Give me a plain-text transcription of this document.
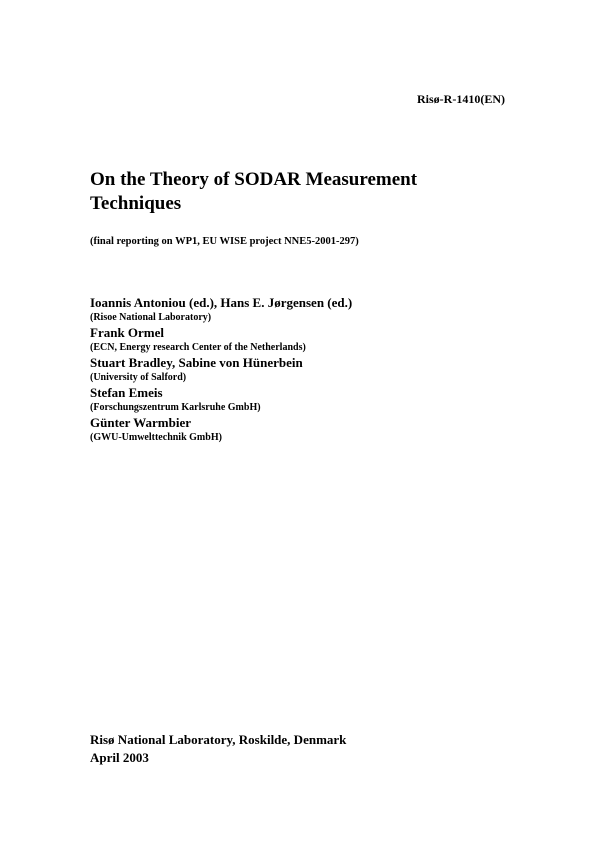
Risø-R-1410(EN)
On the Theory of SODAR Measurement Techniques
(final reporting on WP1, EU WISE project NNE5-2001-297)
Ioannis Antoniou (ed.), Hans E. Jørgensen (ed.)
(Risoe National Laboratory)
Frank Ormel
(ECN, Energy research Center of the Netherlands)
Stuart Bradley, Sabine von Hünerbein
(University of Salford)
Stefan Emeis
(Forschungszentrum Karlsruhe GmbH)
Günter Warmbier
(GWU-Umwelttechnik GmbH)
Risø National Laboratory, Roskilde, Denmark
April 2003
